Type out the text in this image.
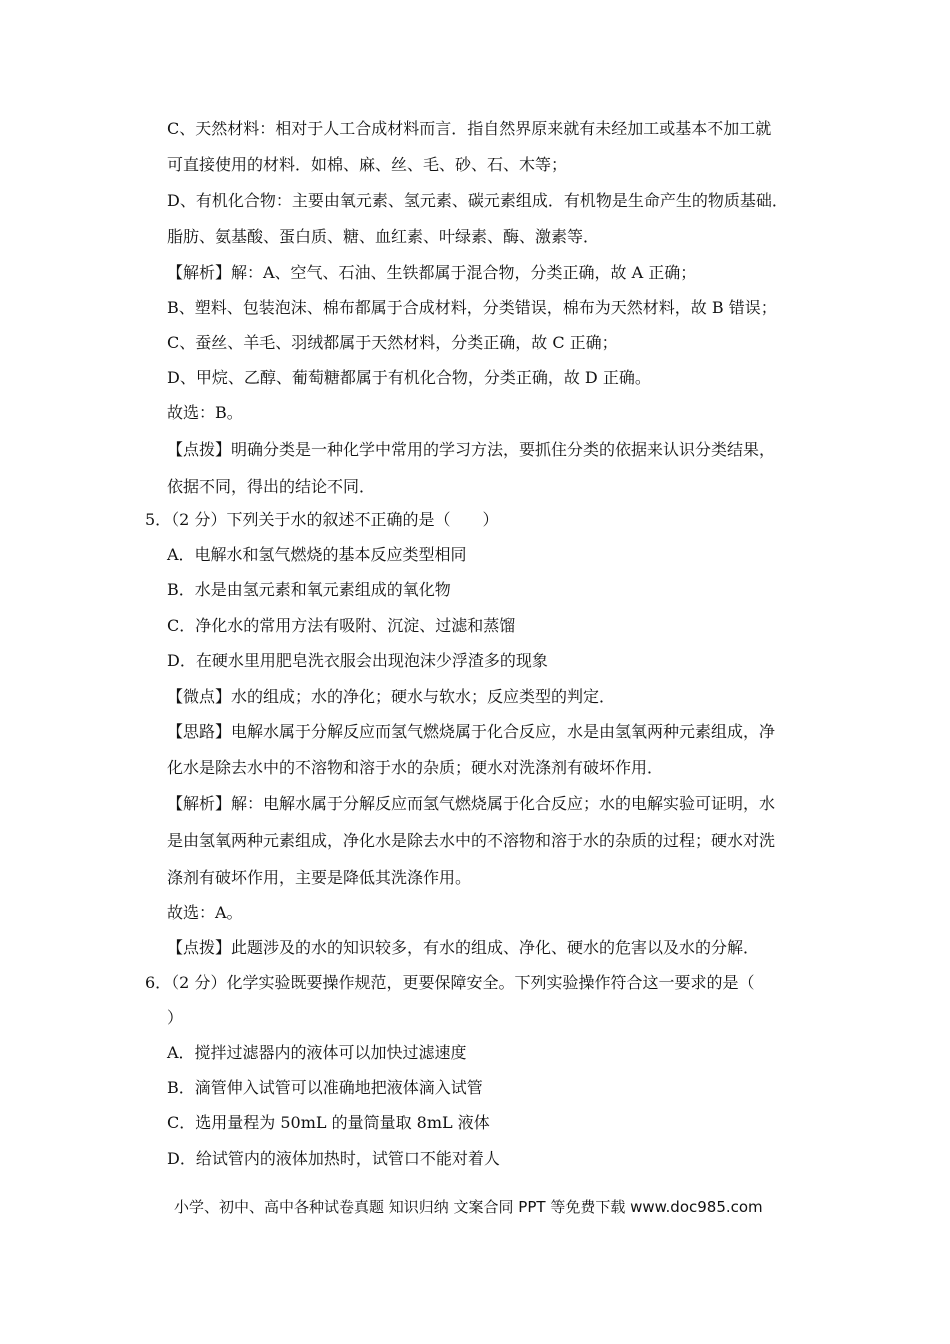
C、天然材料：相对于人工合成材料而言．指自然界原来就有未经加工或基本不加工就
可直接使用的材料．如棉、麻、丝、毛、砂、石、木等；
D、有机化合物：主要由氧元素、氢元素、碳元素组成．有机物是生命产生的物质基础．
脂肪、氨基酸、蛋白质、糖、血红素、叶绿素、酶、激素等．
【解析】解：A、空气、石油、生铁都属于混合物，分类正确，故 A 正确；
B、塑料、包装泡沫、棉布都属于合成材料，分类错误，棉布为天然材料，故 B 错误；
C、蚕丝、羊毛、羽绒都属于天然材料，分类正确，故 C 正确；
D、甲烷、乙醇、葡萄糖都属于有机化合物，分类正确，故 D 正确。
故选：B。
【点拨】明确分类是一种化学中常用的学习方法，要抓住分类的依据来认识分类结果，
依据不同，得出的结论不同．
5．（2 分）下列关于水的叙述不正确的是（　　）
A．电解水和氢气燃烧的基本反应类型相同
B．水是由氢元素和氧元素组成的氧化物
C．净化水的常用方法有吸附、沉淀、过滤和蒸馏
D．在硬水里用肥皂洗衣服会出现泡沫少浮渣多的现象
【微点】水的组成；水的净化；硬水与软水；反应类型的判定．
【思路】电解水属于分解反应而氢气燃烧属于化合反应，水是由氢氧两种元素组成，净
化水是除去水中的不溶物和溶于水的杂质；硬水对洗涤剂有破坏作用．
【解析】解：电解水属于分解反应而氢气燃烧属于化合反应；水的电解实验可证明，水
是由氢氧两种元素组成，净化水是除去水中的不溶物和溶于水的杂质的过程；硬水对洗
涤剂有破坏作用，主要是降低其洗涤作用。
故选：A。
【点拨】此题涉及的水的知识较多，有水的组成、净化、硬水的危害以及水的分解．
6．（2 分）化学实验既要操作规范，更要保障安全。下列实验操作符合这一要求的是（
）
A．搅拌过滤器内的液体可以加快过滤速度
B．滴管伸入试管可以准确地把液体滴入试管
C．选用量程为 50mL 的量筒量取 8mL 液体
D．给试管内的液体加热时，试管口不能对着人
小学、初中、高中各种试卷真题 知识归纳 文案合同 PPT 等免费下载 www.doc985.com
